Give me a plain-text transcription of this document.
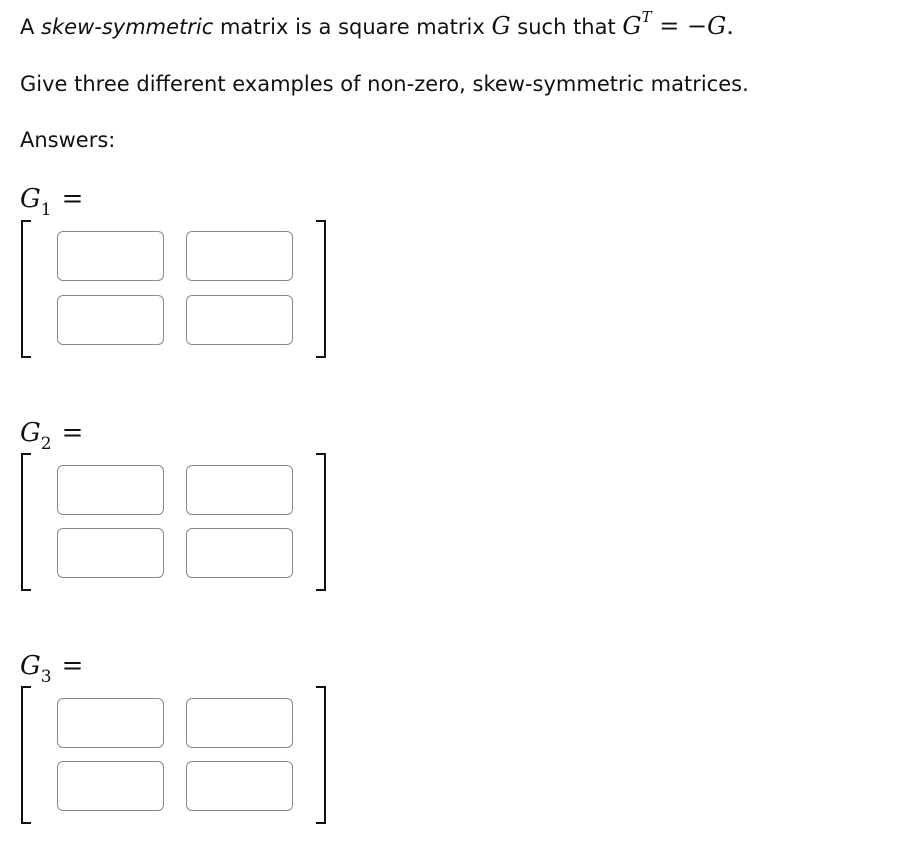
A skew-symmetric matrix is a square matrix G such that $G^T = -G$.
Give three different examples of non-zero, skew-symmetric matrices.
Answers:
$G_1$ =
$G_2$ =
$G_3$ =
